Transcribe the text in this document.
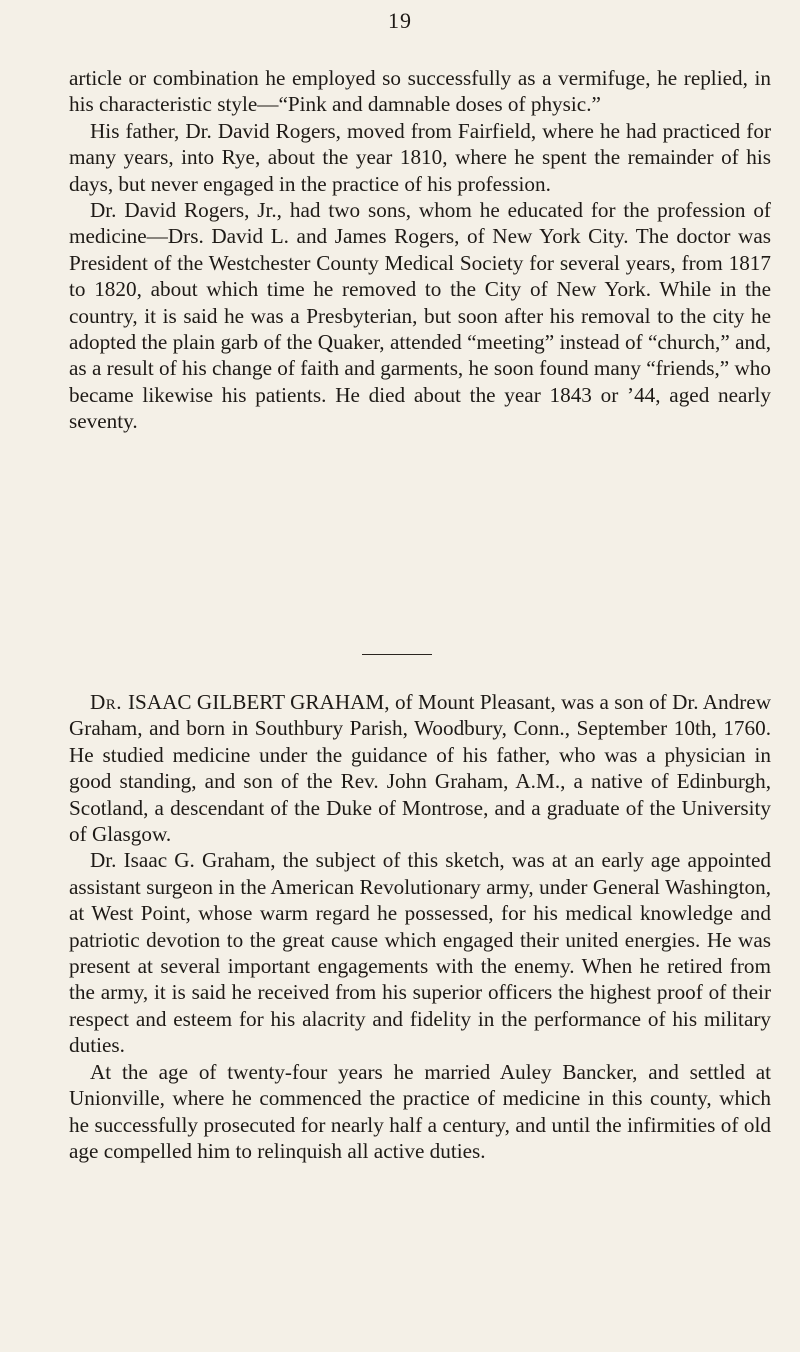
19

article or combination he employed so successfully as a vermifuge, he replied, in his characteristic style—“Pink and damnable doses of physic.”

His father, Dr. David Rogers, moved from Fairfield, where he had practiced for many years, into Rye, about the year 1810, where he spent the remainder of his days, but never engaged in the practice of his profession.

Dr. David Rogers, Jr., had two sons, whom he educated for the profession of medicine—Drs. David L. and James Rogers, of New York City. The doctor was President of the Westchester County Medical Society for several years, from 1817 to 1820, about which time he removed to the City of New York. While in the country, it is said he was a Presbyterian, but soon after his removal to the city he adopted the plain garb of the Quaker, attended “meeting” instead of “church,” and, as a result of his change of faith and garments, he soon found many “friends,” who became likewise his patients. He died about the year 1843 or ’44, aged nearly seventy.

Dr. ISAAC GILBERT GRAHAM, of Mount Pleasant, was a son of Dr. Andrew Graham, and born in Southbury Parish, Woodbury, Conn., September 10th, 1760. He studied medicine under the guidance of his father, who was a physician in good standing, and son of the Rev. John Graham, A.M., a native of Edinburgh, Scotland, a descendant of the Duke of Montrose, and a graduate of the University of Glasgow.

Dr. Isaac G. Graham, the subject of this sketch, was at an early age appointed assistant surgeon in the American Revolutionary army, under General Washington, at West Point, whose warm regard he possessed, for his medical knowledge and patriotic devotion to the great cause which engaged their united energies. He was present at several important engagements with the enemy. When he retired from the army, it is said he received from his superior officers the highest proof of their respect and esteem for his alacrity and fidelity in the performance of his military duties.

At the age of twenty-four years he married Auley Bancker, and settled at Unionville, where he commenced the practice of medicine in this county, which he successfully prosecuted for nearly half a century, and until the infirmities of old age compelled him to relinquish all active duties.
